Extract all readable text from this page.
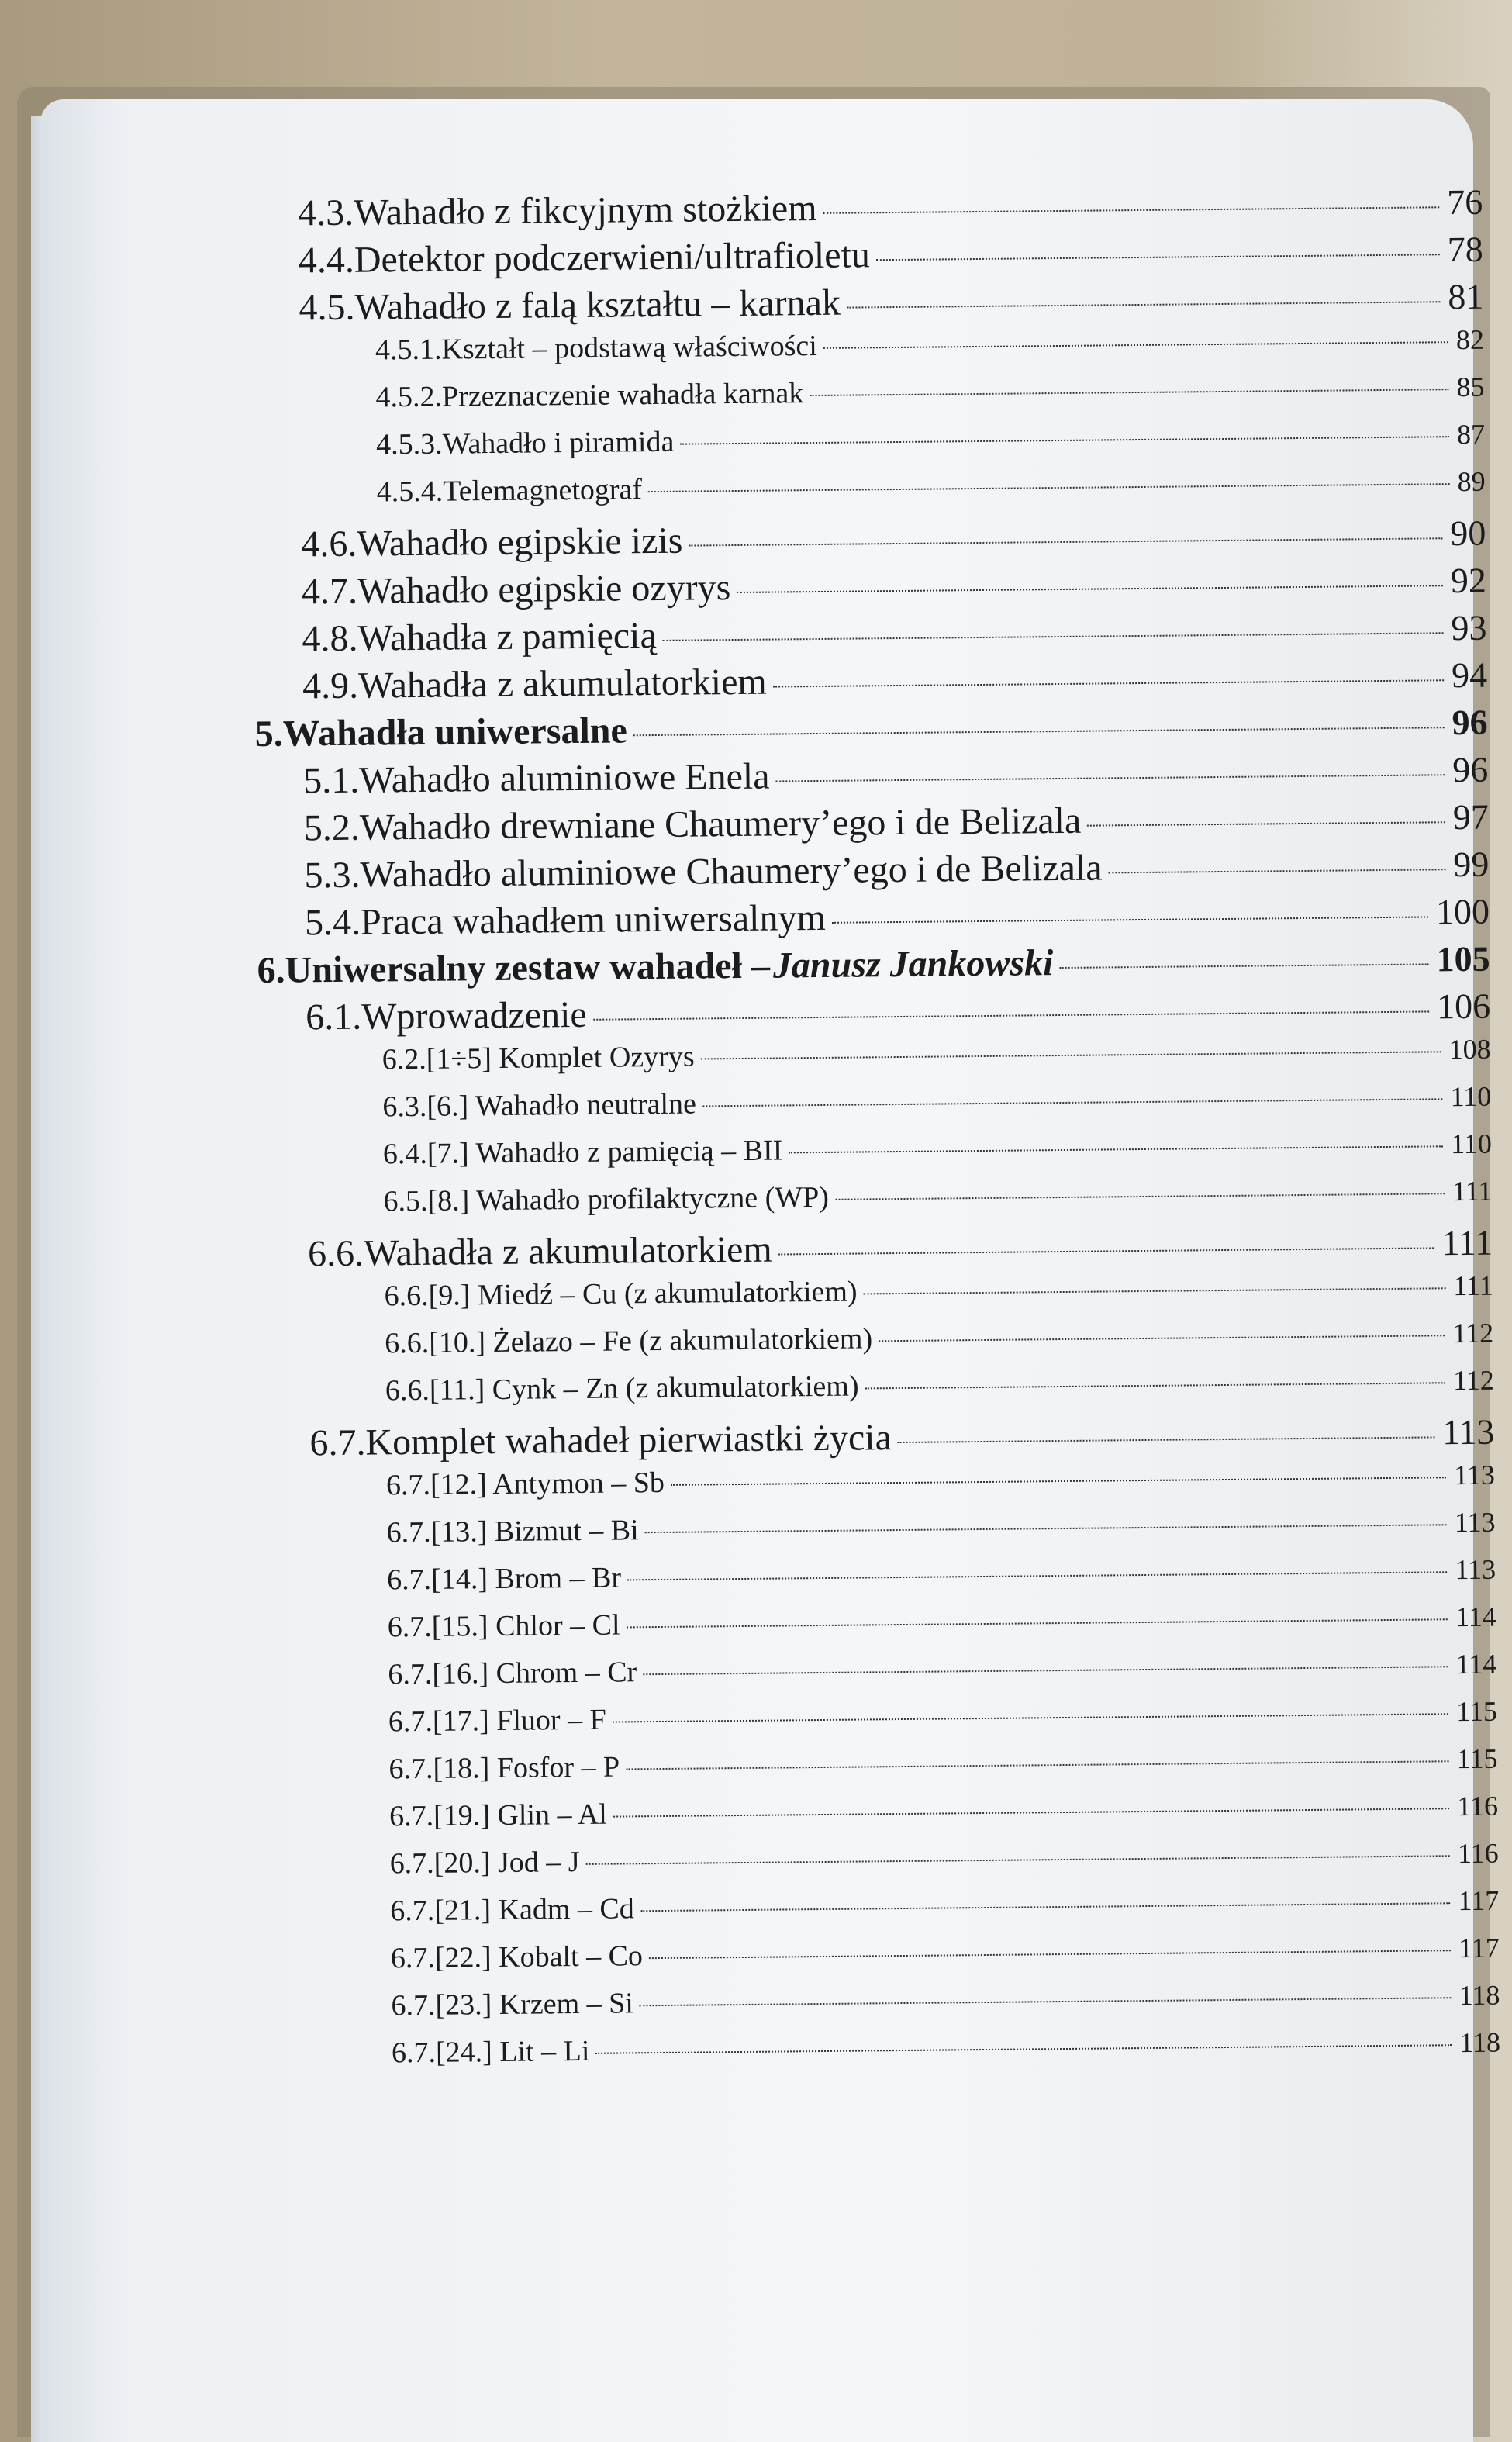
4.3. Wahadło z fikcyjnym stożkiem	76
4.4. Detektor podczerwieni/ultrafioletu	78
4.5. Wahadło z falą kształtu – karnak	81
4.5.1. Kształt – podstawą właściwości	82
4.5.2. Przeznaczenie wahadła karnak	85
4.5.3. Wahadło i piramida	87
4.5.4. Telemagnetograf	89
4.6. Wahadło egipskie izis	90
4.7. Wahadło egipskie ozyrys	92
4.8. Wahadła z pamięcią	93
4.9. Wahadła z akumulatorkiem	94
5. Wahadła uniwersalne	96
5.1. Wahadło aluminiowe Enela	96
5.2. Wahadło drewniane Chaumery’ego i de Belizala	97
5.3. Wahadło aluminiowe Chaumery’ego i de Belizala	99
5.4. Praca wahadłem uniwersalnym	100
6. Uniwersalny zestaw wahadeł – Janusz Jankowski	105
6.1. Wprowadzenie	106
6.2. [1÷5] Komplet Ozyrys	108
6.3. [6.] Wahadło neutralne	110
6.4. [7.] Wahadło z pamięcią – BII	110
6.5. [8.] Wahadło profilaktyczne (WP)	111
6.6. Wahadła z akumulatorkiem	111
6.6. [9.] Miedź – Cu (z akumulatorkiem)	111
6.6. [10.] Żelazo – Fe (z akumulatorkiem)	112
6.6. [11.] Cynk – Zn (z akumulatorkiem)	112
6.7. Komplet wahadeł pierwiastki życia	113
6.7. [12.] Antymon – Sb	113
6.7. [13.] Bizmut – Bi	113
6.7. [14.] Brom – Br	113
6.7. [15.] Chlor – Cl	114
6.7. [16.] Chrom – Cr	114
6.7. [17.] Fluor – F	115
6.7. [18.] Fosfor – P	115
6.7. [19.] Glin – Al	116
6.7. [20.] Jod – J	116
6.7. [21.] Kadm – Cd	117
6.7. [22.] Kobalt – Co	117
6.7. [23.] Krzem – Si	118
6.7. [24.] Lit – Li	118
